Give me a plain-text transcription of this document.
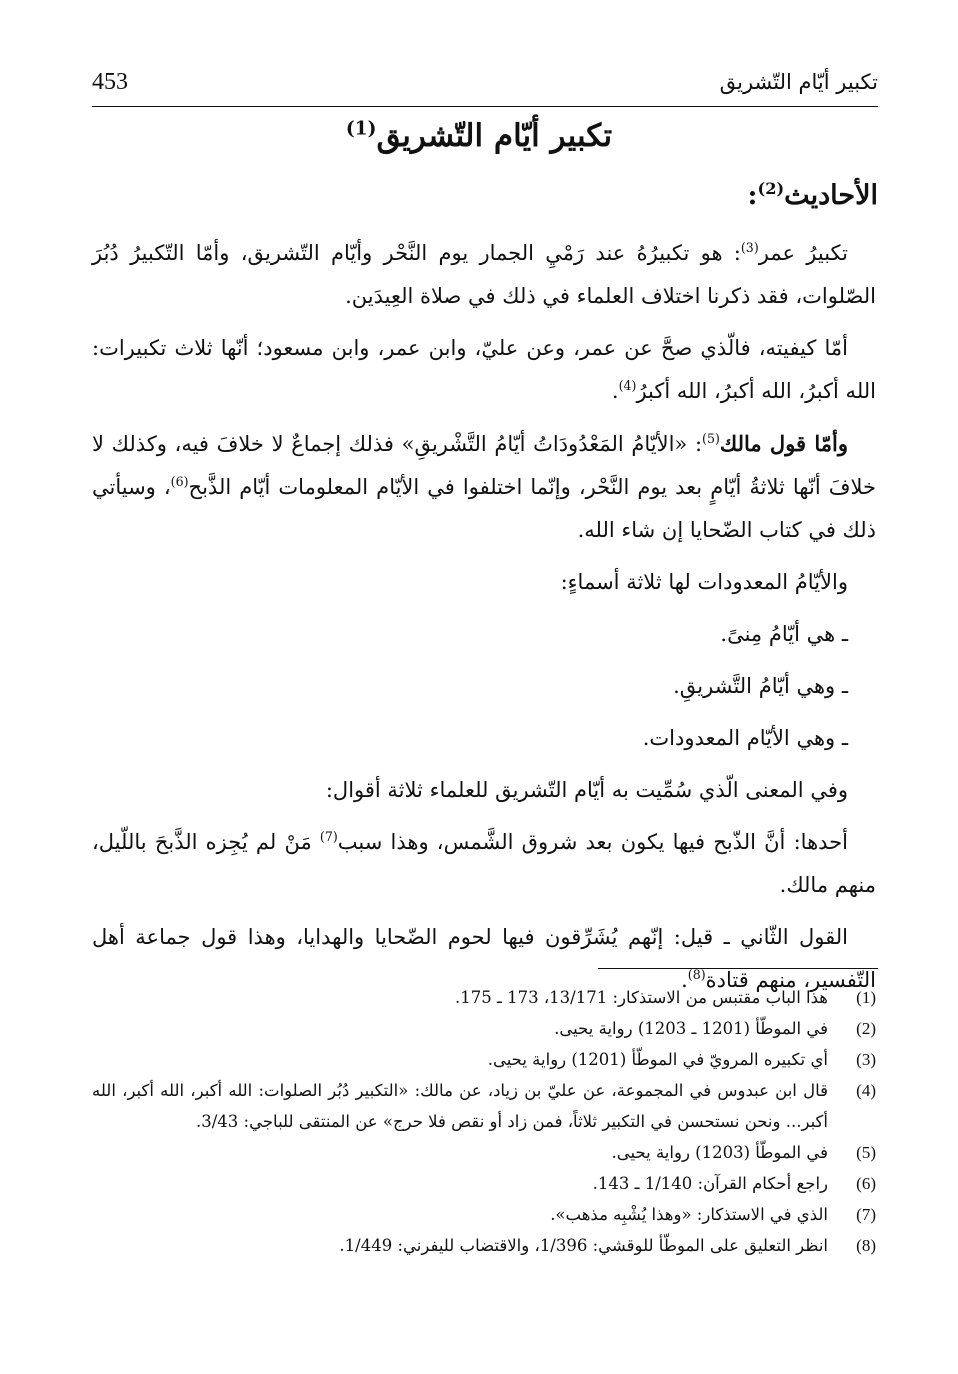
تكبير أيّام التّشريق
453
تكبير أيّام التّشريق$^{(1)}$
الأحاديث$^{(2)}$:

تكبيرُ عمر$^{(3)}$: هو تكبيرُهُ عند رَمْيِ الجمار يوم النَّحْر وأيّام التّشريق، وأمّا التّكبيرُ دُبُرَ الصّلوات، فقد ذكرنا اختلاف العلماء في ذلك في صلاة العِيدَين.

أمّا كيفيته، فالّذي صحَّ عن عمر، وعن عليّ، وابن عمر، وابن مسعود؛ أنّها ثلاث تكبيرات: الله أكبرُ، الله أكبرُ، الله أكبرُ$^{(4)}$.

وأمّا قول مالك$^{(5)}$: «الأيّامُ المَعْدُودَاتُ أيّامُ التَّشْريقِ» فذلك إجماعٌ لا خلافَ فيه، وكذلك لا خلافَ أنّها ثلاثةُ أيّامٍ بعد يوم النَّحْر، وإنّما اختلفوا في الأيّام المعلومات أيّام الذَّبح$^{(6)}$، وسيأتي ذلك في كتاب الضّحايا إن شاء الله.

والأيّامُ المعدودات لها ثلاثة أسماءٍ:

ـ هي أيّامُ مِنىً.

ـ وهي أيّامُ التَّشريقِ.

ـ وهي الأيّام المعدودات.

وفي المعنى الّذي سُمِّيت به أيّام التّشريق للعلماء ثلاثة أقوال:

أحدها: أنَّ الذّبح فيها يكون بعد شروق الشَّمس، وهذا سبب$^{(7)}$ مَنْ لم يُجِزه الذَّبحَ باللّيل، منهم مالك.

القول الثّاني ـ قيل: إنّهم يُشَرِّقون فيها لحوم الضّحايا والهدايا، وهذا قول جماعة أهل التّفسير، منهم قتادة$^{(8)}$.

(1)
هذا الباب مقتبس من الاستذكار: 13/171، 173 ـ 175.
(2)
في الموطّأ (1201 ـ 1203) رواية يحيى.
(3)
أي تكبيره المرويّ في الموطّأ (1201) رواية يحيى.
(4)
قال ابن عبدوس في المجموعة، عن عليّ بن زياد، عن مالك: «التكبير دُبُر الصلوات: الله أكبر، الله أكبر، الله أكبر... ونحن نستحسن في التكبير ثلاثاً، فمن زاد أو نقص فلا حرج» عن المنتقى للباجي: 3/43.
(5)
في الموطّأ (1203) رواية يحيى.
(6)
راجع أحكام القرآن: 1/140 ـ 143.
(7)
الذي في الاستذكار: «وهذا يُشْبِه مذهب».
(8)
انظر التعليق على الموطّأ للوقشي: 1/396، والاقتضاب لليفرني: 1/449.
